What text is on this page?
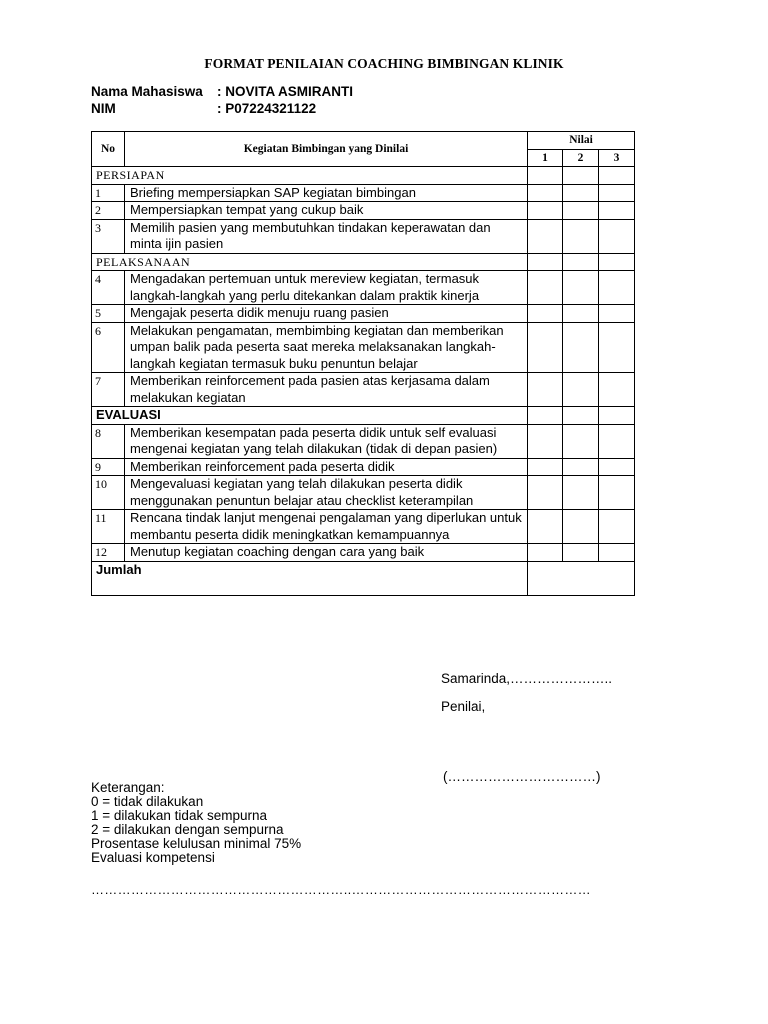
FORMAT PENILAIAN COACHING BIMBINGAN KLINIK
Nama Mahasiswa : NOVITA ASMIRANTI
NIM	: P07224321122
No	Kegiatan Bimbingan yang Dinilai	Nilai		
		1	2	3
PERSIAPAN				
1	Briefing mempersiapkan SAP kegiatan bimbingan			
2	Mempersiapkan tempat yang cukup baik			
3	Memilih pasien yang membutuhkan tindakan keperawatan dan minta ijin pasien			
PELAKSANAAN				
4	Mengadakan pertemuan untuk mereview kegiatan, termasuk langkah-langkah yang perlu ditekankan dalam praktik kinerja			
5	Mengajak peserta didik menuju ruang pasien			
6	Melakukan pengamatan, membimbing kegiatan dan memberikan umpan balik pada peserta saat mereka melaksanakan langkah-langkah kegiatan termasuk buku penuntun belajar			
7	Memberikan reinforcement pada pasien atas kerjasama dalam melakukan kegiatan			
EVALUASI				
8	Memberikan kesempatan pada peserta didik untuk self evaluasi mengenai kegiatan yang telah dilakukan (tidak di depan pasien)			
9	Memberikan reinforcement pada peserta didik			
10	Mengevaluasi kegiatan yang telah dilakukan peserta didik menggunakan penuntun belajar atau checklist keterampilan			
11	Rencana tindak lanjut mengenai pengalaman yang diperlukan untuk membantu peserta didik meningkatkan kemampuannya			
12	Menutup kegiatan coaching dengan cara yang baik			
Jumlah				
Samarinda,…………………..
Penilai,
(……………………………)
Keterangan:
0 = tidak dilakukan
1 = dilakukan tidak sempurna
2 = dilakukan dengan sempurna
Prosentase kelulusan minimal 75%
Evaluasi kompetensi
…………………………………………………..………………………………………………
